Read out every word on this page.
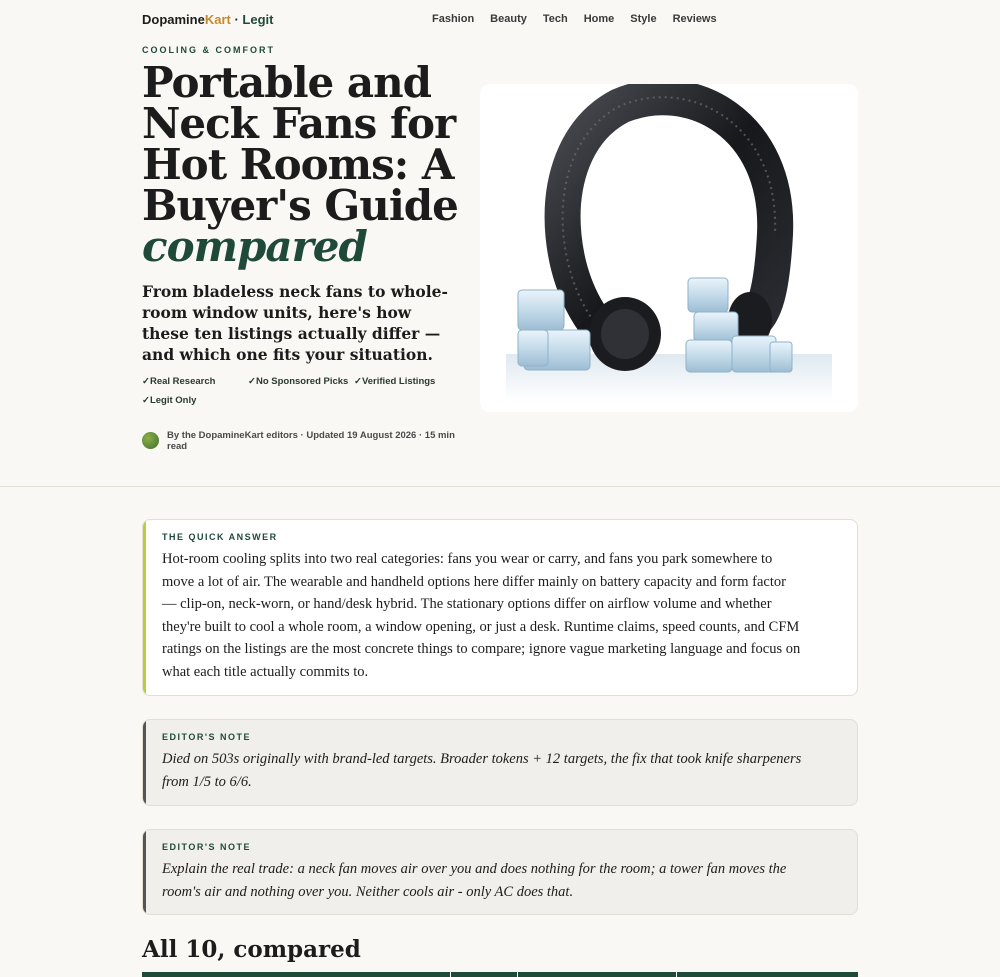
DopamineKart · Legit	Fashion Beauty Tech Home Style Reviews
COOLING & COMFORT
Portable and Neck Fans for Hot Rooms: A Buyer's Guide
compared

From bladeless neck fans to whole-room window units, here's how these ten listings actually differ — and which one fits your situation.

✓Real Research	✓No Sponsored Picks ✓Verified Listings
✓Legit Only
By the DopamineKart editors · Updated 19 August 2026 · 15 min read
THE QUICK ANSWER

Hot-room cooling splits into two real categories: fans you wear or carry, and fans you park somewhere to move a lot of air. The wearable and handheld options here differ mainly on battery capacity and form factor — clip-on, neck-worn, or hand/desk hybrid. The stationary options differ on airflow volume and whether they're built to cool a whole room, a window opening, or just a desk. Runtime claims, speed counts, and CFM ratings on the listings are the most concrete things to compare; ignore vague marketing language and focus on what each title actually commits to.

EDITOR'S NOTE

Died on 503s originally with brand-led targets. Broader tokens + 12 targets, the fix that took knife sharpeners from 1/5 to 6/6.

EDITOR'S NOTE

Explain the real trade: a neck fan moves air over you and does nothing for the room; a tower fan moves the room's air and nothing over you. Neither cools air - only AC does that.

All 10, compared
